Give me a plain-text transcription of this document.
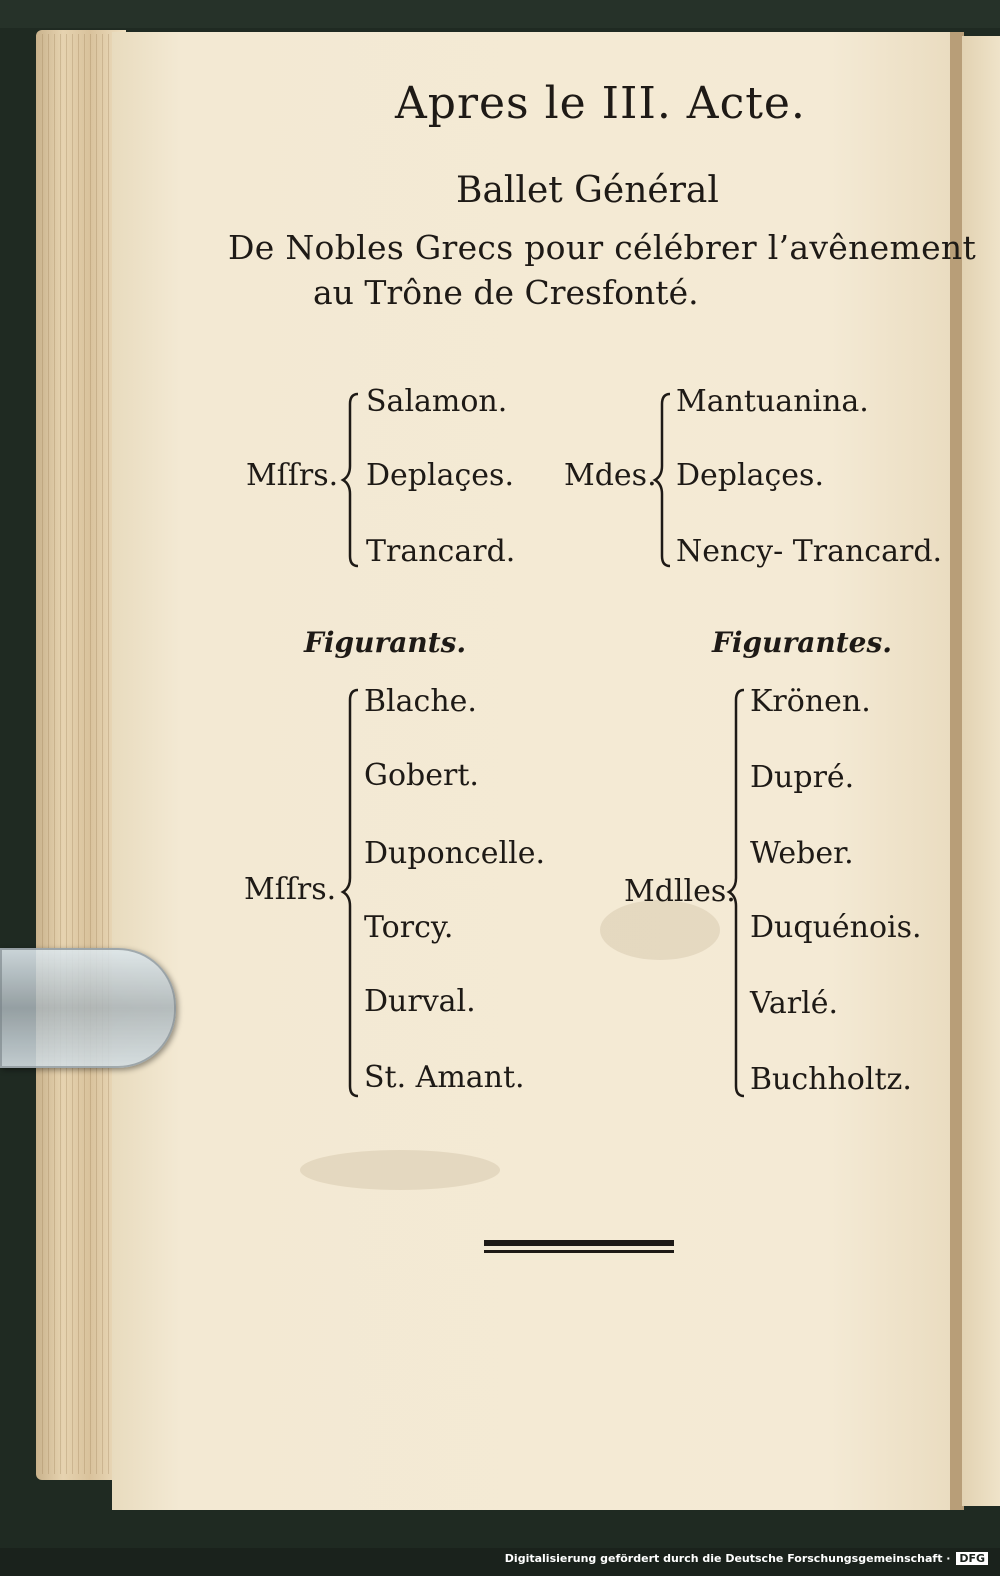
Apres le III. Acte.
Ballet Général
De Nobles Grecs pour célébrer l’avênement
au Trône de Cresfonté.
Mſſrs.
Salamon.
Deplaçes.
Trancard.
Mdes.
Mantuanina.
Deplaçes.
Nency- Trancard.
Figurants.
Mſſrs.
Blache.
Gobert.
Duponcelle.
Torcy.
Durval.
St. Amant.
Figurantes.
Mdlles.
Krönen.
Dupré.
Weber.
Duquénois.
Varlé.
Buchholtz.
Digitalisierung gefördert durch die Deutsche Forschungsgemeinschaft · DFG
